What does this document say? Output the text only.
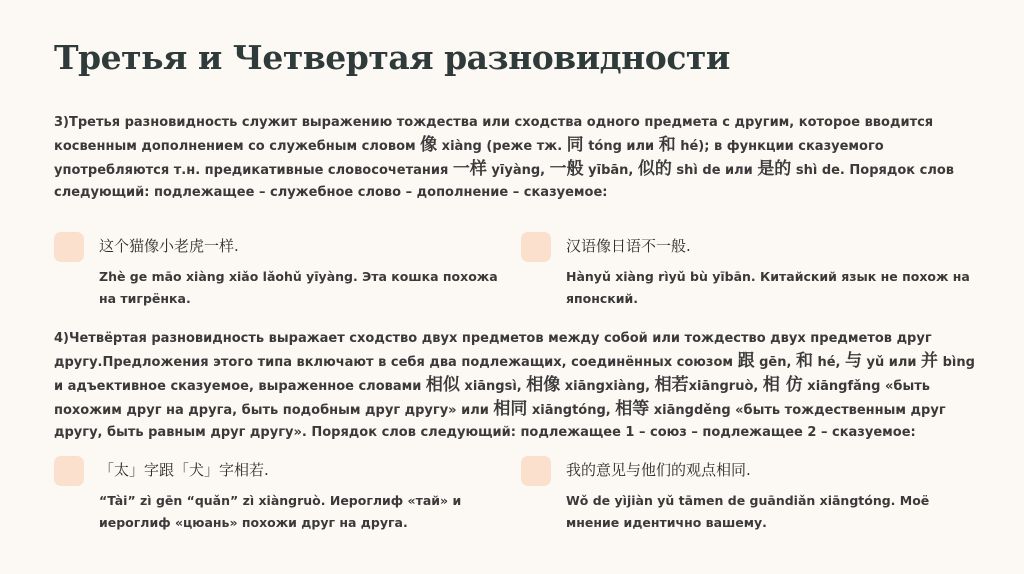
Третья и Четвертая разновидности
3)Третья разновидность служит выражению тождества или сходства одного предмета с другим, которое вводится косвенным дополнением со служебным словом 像 xiàng (реже тж. 同 tóng или 和 hé); в функции сказуемого употребляются т.н. предикативные словосочетания 一样 yīyàng, 一般 yībān, 似的 shì de или 是的 shì de. Порядок слов следующий: подлежащее – служебное слово – дополнение – сказуемое:
这个猫像小老虎一样.
Zhè ge māo xiàng xiǎo lǎohǔ yīyàng. Эта кошка похожа на тигрёнка.
汉语像日语不一般.
Hànyǔ xiàng rìyǔ bù yībān. Китайский язык не похож на японский.
4)Четвёртая разновидность выражает сходство двух предметов между собой или тождество двух предметов друг другу.Предложения этого типа включают в себя два подлежащих, соединённых союзом 跟 gēn, 和 hé, 与 yǔ или 并 bìng и адъективное сказуемое, выраженное словами 相似 xiāngsì, 相像 xiāngxiàng, 相若xiāngruò, 相 仿 xiāngfǎng «быть похожим друг на друга, быть подобным друг другу» или 相同 xiāngtóng, 相等 xiāngděng «быть тождественным друг другу, быть равным друг другу». Порядок слов следующий: подлежащее 1 – союз – подлежащее 2 – сказуемое:
「太」字跟「犬」字相若.
“Tài” zì gēn “quǎn” zì xiàngruò. Иероглиф «тай» и иероглиф «цюань» похожи друг на друга.
我的意见与他们的观点相同.
Wǒ de yìjiàn yǔ tāmen de guāndiǎn xiāngtóng. Моё мнение идентично вашему.
